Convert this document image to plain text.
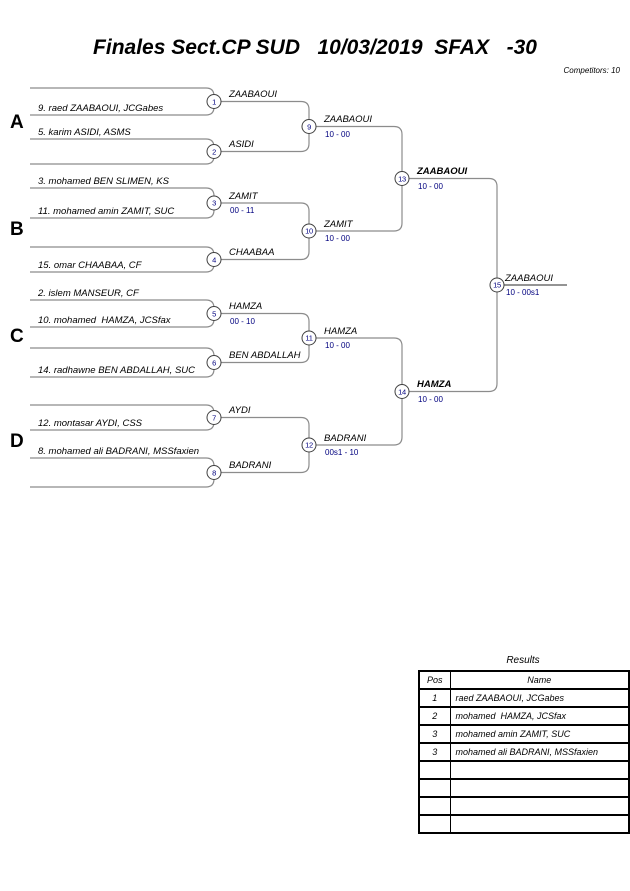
Finales Sect.CP SUD   10/03/2019  SFAX   -30
Competitors: 10
1
2
3
4
5
6
7
8
9
10
11
12
13
14
15
A
B
C
D
9. raed ZAABAOUI, JCGabes
5. karim ASIDI, ASMS
3. mohamed BEN SLIMEN, KS
11. mohamed amin ZAMIT, SUC
15. omar CHAABAA, CF
2. islem MANSEUR, CF
10. mohamed  HAMZA, JCSfax
14. radhawne BEN ABDALLAH, SUC
12. montasar AYDI, CSS
8. mohamed ali BADRANI, MSSfaxien
ZAABAOUI
ASIDI
ZAMIT
00 - 11
CHAABAA
HAMZA
00 - 10
BEN ABDALLAH
AYDI
BADRANI
ZAABAOUI
10 - 00
ZAMIT
10 - 00
HAMZA
10 - 00
BADRANI
00s1 - 10
ZAABAOUI
10 - 00
HAMZA
10 - 00
ZAABAOUI
10 - 00s1
Results
Pos	Name
1	raed ZAABAOUI, JCGabes
2	mohamed  HAMZA, JCSfax
3	mohamed amin ZAMIT, SUC
3	mohamed ali BADRANI, MSSfaxien
